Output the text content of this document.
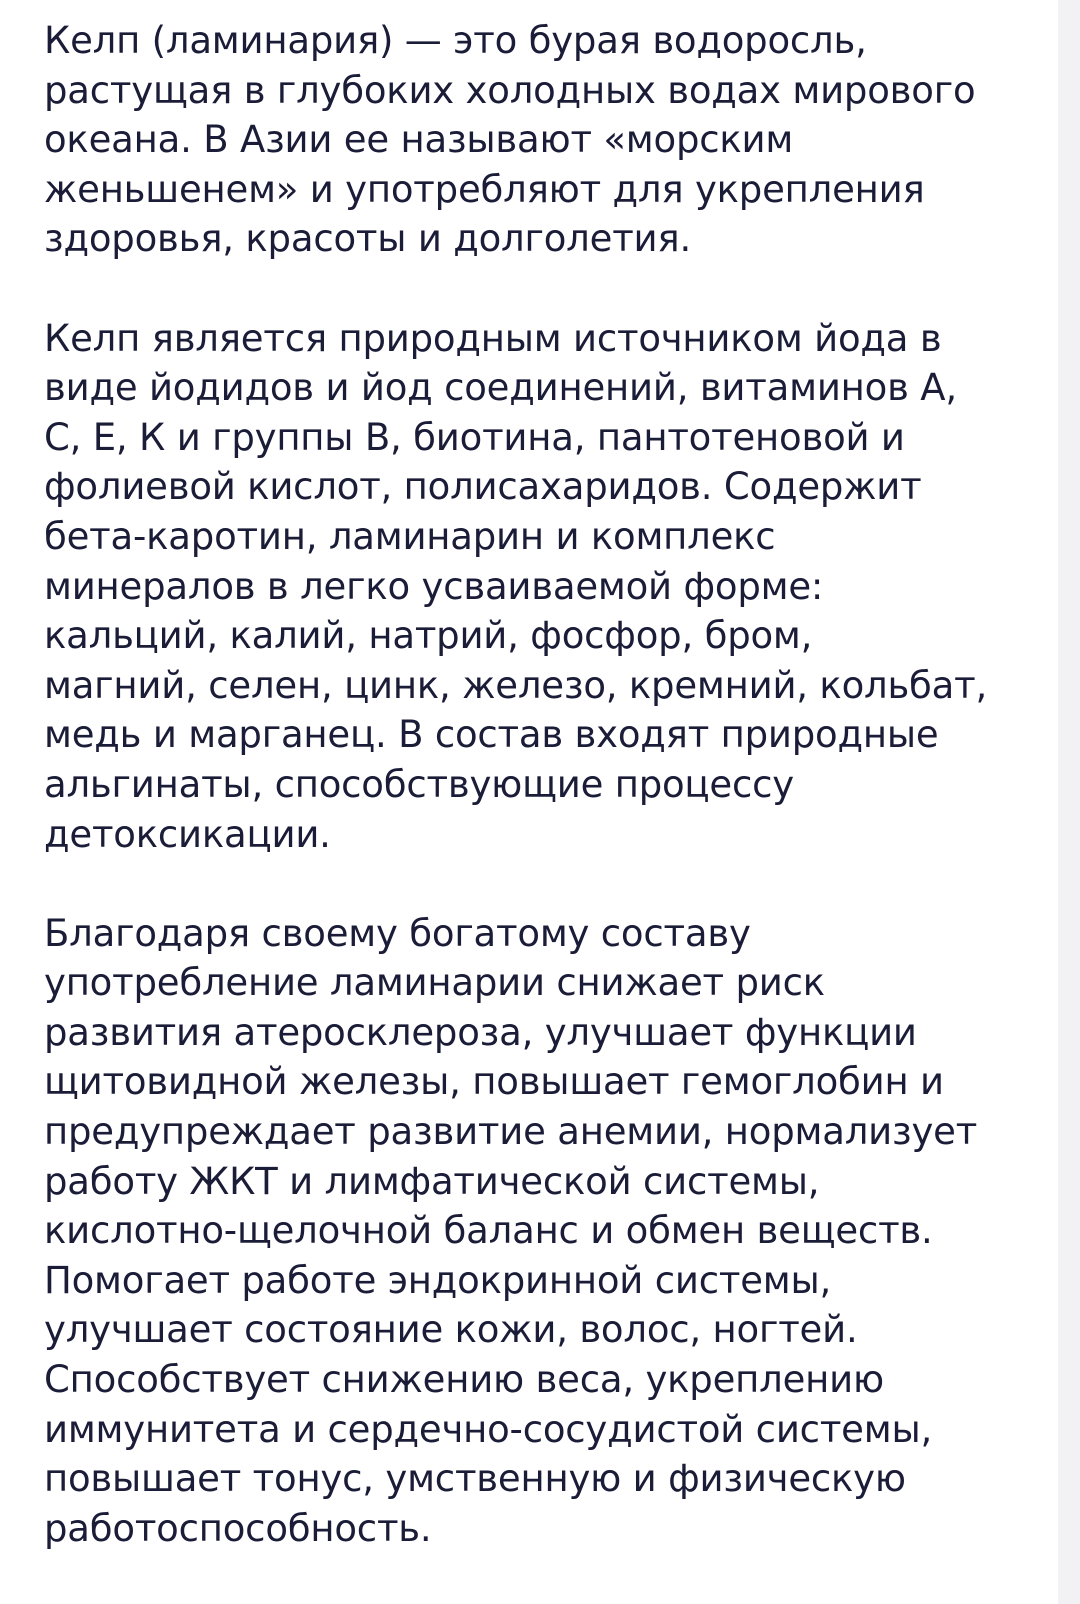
Келп (ламинария) — это бурая водоросль,
растущая в глубоких холодных водах мирового
океана. В Азии ее называют «морским
женьшенем» и употребляют для укрепления
здоровья, красоты и долголетия.
Келп является природным источником йода в
виде йодидов и йод соединений, витаминов А,
С, Е, К и группы В, биотина, пантотеновой и
фолиевой кислот, полисахаридов. Содержит
бета-каротин, ламинарин и комплекс
минералов в легко усваиваемой форме:
кальций, калий, натрий, фосфор, бром,
магний, селен, цинк, железо, кремний, кольбат,
медь и марганец. В состав входят природные
альгинаты, способствующие процессу
детоксикации.
Благодаря своему богатому составу
употребление ламинарии снижает риск
развития атеросклероза, улучшает функции
щитовидной железы, повышает гемоглобин и
предупреждает развитие анемии, нормализует
работу ЖКТ и лимфатической системы,
кислотно-щелочной баланс и обмен веществ.
Помогает работе эндокринной системы,
улучшает состояние кожи, волос, ногтей.
Способствует снижению веса, укреплению
иммунитета и сердечно-сосудистой системы,
повышает тонус, умственную и физическую
работоспособность.
